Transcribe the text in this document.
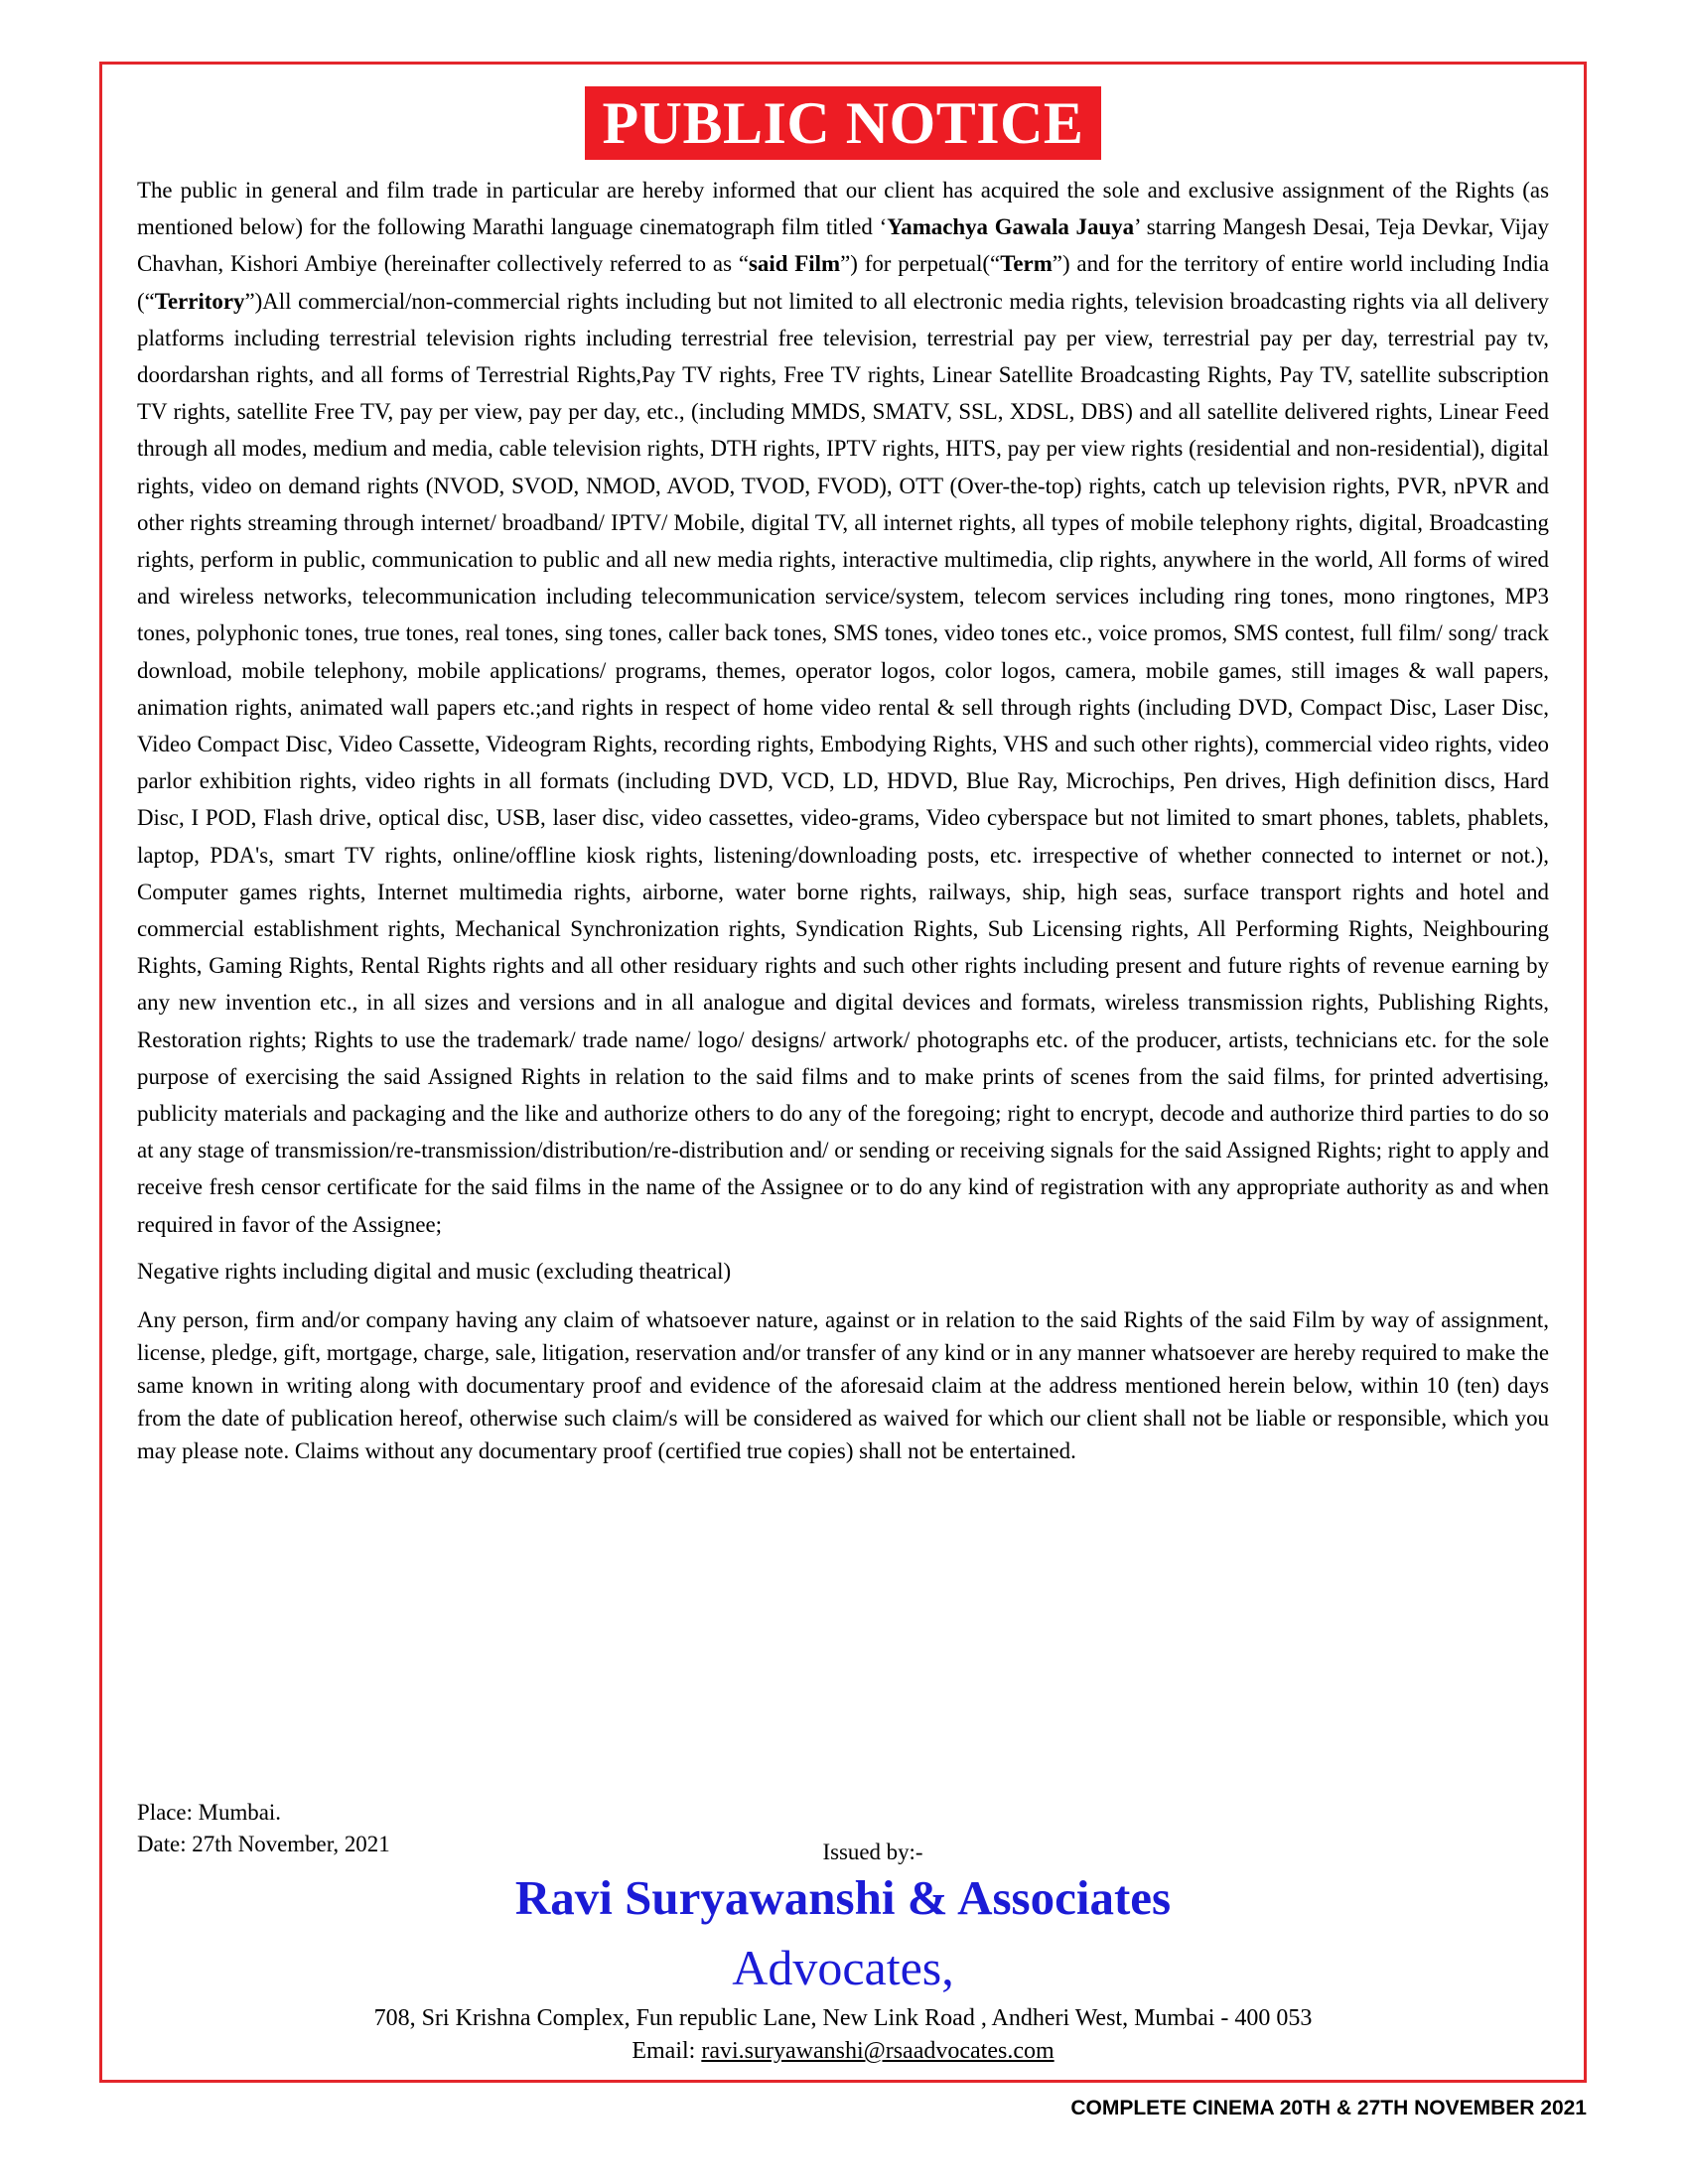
PUBLIC NOTICE

The public in general and film trade in particular are hereby informed that our client has acquired the sole and exclusive assignment of the Rights (as mentioned below) for the following Marathi language cinematograph film titled ‘Yamachya Gawala Jauya’ starring Mangesh Desai, Teja Devkar, Vijay Chavhan, Kishori Ambiye (hereinafter collectively referred to as “said Film”) for perpetual(“Term”) and for the territory of entire world including India (“Territory”)All commercial/non-commercial rights including but not limited to all electronic media rights, television broadcasting rights via all delivery platforms including terrestrial television rights including terrestrial free television, terrestrial pay per view, terrestrial pay per day, terrestrial pay tv, doordarshan rights, and all forms of Terrestrial Rights,Pay TV rights, Free TV rights, Linear Satellite Broadcasting Rights, Pay TV, satellite subscription TV rights, satellite Free TV, pay per view, pay per day, etc., (including MMDS, SMATV, SSL, XDSL, DBS) and all satellite delivered rights, Linear Feed through all modes, medium and media, cable television rights, DTH rights, IPTV rights, HITS, pay per view rights (residential and non-residential), digital rights, video on demand rights (NVOD, SVOD, NMOD, AVOD, TVOD, FVOD), OTT (Over-the-top) rights, catch up television rights, PVR, nPVR and other rights streaming through internet/ broadband/ IPTV/ Mobile, digital TV, all internet rights, all types of mobile telephony rights, digital, Broadcasting rights, perform in public, communication to public and all new media rights, interactive multimedia, clip rights, anywhere in the world, All forms of wired and wireless networks, telecommunication including telecommunication service/system, telecom services including ring tones, mono ringtones, MP3 tones, polyphonic tones, true tones, real tones, sing tones, caller back tones, SMS tones, video tones etc., voice promos, SMS contest, full film/ song/ track download, mobile telephony, mobile applications/ programs, themes, operator logos, color logos, camera, mobile games, still images & wall papers, animation rights, animated wall papers etc.;and rights in respect of home video rental & sell through rights (including DVD, Compact Disc, Laser Disc, Video Compact Disc, Video Cassette, Videogram Rights, recording rights, Embodying Rights, VHS and such other rights), commercial video rights, video parlor exhibition rights, video rights in all formats (including DVD, VCD, LD, HDVD, Blue Ray, Microchips, Pen drives, High definition discs, Hard Disc, I POD, Flash drive, optical disc, USB, laser disc, video cassettes, video-grams, Video cyberspace but not limited to smart phones, tablets, phablets, laptop, PDA's, smart TV rights, online/offline kiosk rights, listening/downloading posts, etc. irrespective of whether connected to internet or not.), Computer games rights, Internet multimedia rights, airborne, water borne rights, railways, ship, high seas, surface transport rights and hotel and commercial establishment rights, Mechanical Synchronization rights, Syndication Rights, Sub Licensing rights, All Performing Rights, Neighbouring Rights, Gaming Rights, Rental Rights rights and all other residuary rights and such other rights including present and future rights of revenue earning by any new invention etc., in all sizes and versions and in all analogue and digital devices and formats, wireless transmission rights, Publishing Rights, Restoration rights; Rights to use the trademark/ trade name/ logo/ designs/ artwork/ photographs etc. of the producer, artists, technicians etc. for the sole purpose of exercising the said Assigned Rights in relation to the said films and to make prints of scenes from the said films, for printed advertising, publicity materials and packaging and the like and authorize others to do any of the foregoing; right to encrypt, decode and authorize third parties to do so at any stage of transmission/re-transmission/distribution/re-distribution and/ or sending or receiving signals for the said Assigned Rights; right to apply and receive fresh censor certificate for the said films in the name of the Assignee or to do any kind of registration with any appropriate authority as and when required in favor of the Assignee;

Negative rights including digital and music (excluding theatrical)

Any person, firm and/or company having any claim of whatsoever nature, against or in relation to the said Rights of the said Film by way of assignment, license, pledge, gift, mortgage, charge, sale, litigation, reservation and/or transfer of any kind or in any manner whatsoever are hereby required to make the same known in writing along with documentary proof and evidence of the aforesaid claim at the address mentioned herein below, within 10 (ten) days from the date of publication hereof, otherwise such claim/s will be considered as waived for which our client shall not be liable or responsible, which you may please note. Claims without any documentary proof (certified true copies) shall not be entertained.

Place: Mumbai.
Date: 27th November, 2021	Issued by:-
Ravi Suryawanshi & Associates
Advocates,
708, Sri Krishna Complex, Fun republic Lane, New Link Road , Andheri West, Mumbai - 400 053
Email: ravi.suryawanshi@rsaadvocates.com
COMPLETE CINEMA 20TH & 27TH NOVEMBER 2021
